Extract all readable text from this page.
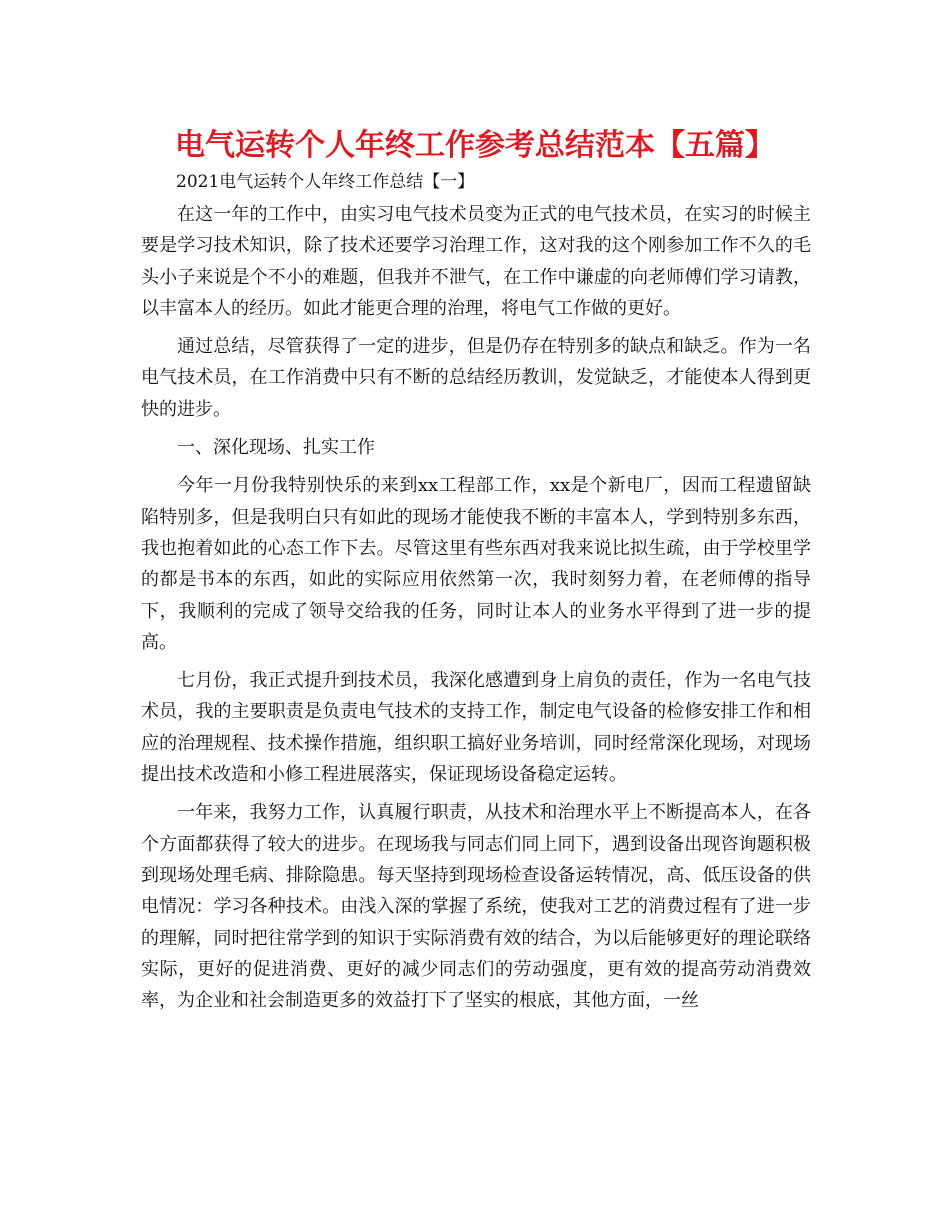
电气运转个人年终工作参考总结范本【五篇】

2021电气运转个人年终工作总结【一】

在这一年的工作中，由实习电气技术员变为正式的电气技术员，在实习的时候主要是学习技术知识，除了技术还要学习治理工作，这对我的这个刚参加工作不久的毛头小子来说是个不小的难题，但我并不泄气，在工作中谦虚的向老师傅们学习请教，以丰富本人的经历。如此才能更合理的治理，将电气工作做的更好。

通过总结，尽管获得了一定的进步，但是仍存在特别多的缺点和缺乏。作为一名电气技术员，在工作消费中只有不断的总结经历教训，发觉缺乏，才能使本人得到更快的进步。

一、深化现场、扎实工作

今年一月份我特别快乐的来到xx工程部工作，xx是个新电厂，因而工程遗留缺陷特别多，但是我明白只有如此的现场才能使我不断的丰富本人，学到特别多东西，我也抱着如此的心态工作下去。尽管这里有些东西对我来说比拟生疏，由于学校里学的都是书本的东西，如此的实际应用依然第一次，我时刻努力着，在老师傅的指导下，我顺利的完成了领导交给我的任务，同时让本人的业务水平得到了进一步的提高。

七月份，我正式提升到技术员，我深化感遭到身上肩负的责任，作为一名电气技术员，我的主要职责是负责电气技术的支持工作，制定电气设备的检修安排工作和相应的治理规程、技术操作措施，组织职工搞好业务培训，同时经常深化现场，对现场提出技术改造和小修工程进展落实，保证现场设备稳定运转。

一年来，我努力工作，认真履行职责，从技术和治理水平上不断提高本人，在各个方面都获得了较大的进步。在现场我与同志们同上同下，遇到设备出现咨询题积极到现场处理毛病、排除隐患。每天坚持到现场检查设备运转情况，高、低压设备的供电情况：学习各种技术。由浅入深的掌握了系统，使我对工艺的消费过程有了进一步的理解，同时把往常学到的知识于实际消费有效的结合，为以后能够更好的理论联络实际，更好的促进消费、更好的减少同志们的劳动强度，更有效的提高劳动消费效率，为企业和社会制造更多的效益打下了坚实的根底，其他方面，一丝
